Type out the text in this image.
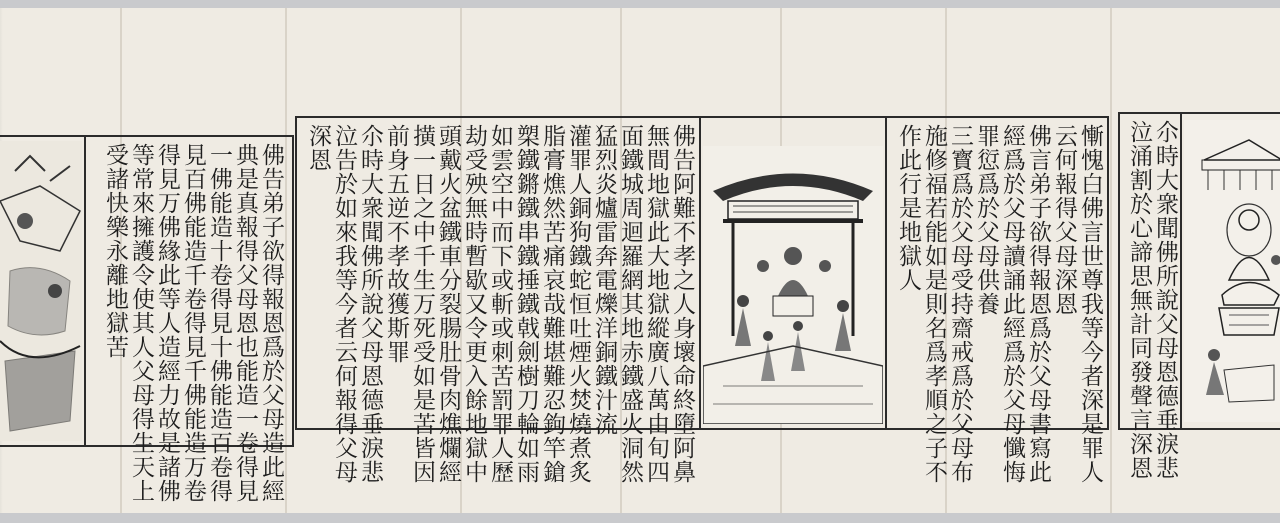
佛告弟子欲得報恩爲於父母造此經
典是真報得父母恩也能造一卷得見
一佛能造十卷得見十佛能造百卷得
見百佛能造千卷得見千佛能造万卷
得見万佛緣此等人造經力故是諸佛
等常來擁護令使其人父母得生天上
受諸快樂永離地獄苦	佛告阿難不孝之人身壞命終墮阿鼻
無間地獄此大地獄縱廣八萬由旬四
面鐵城周迴羅網其地赤鐵盛火洞然
猛烈炎爐雷奔電爍洋銅鐵汁流
灌罪人銅狗鐵蛇恒吐煙火焚燒煮炙
脂膏燋然苦痛哀哉難堪難忍鉤竿鎗
槊鐵鏘鐵串鐵捶鐵戟劍樹刀輪如雨
如雲空中而下或斬或刺苦罰罪人歷
劫受殃無時暫歇又令更入餘地獄中
頭戴火盆鐵車分裂腸肚骨肉燋爛經
撗一日之中千生万死受如是苦皆因
前身五逆不孝故獲斯罪
尒時大衆聞佛所說父母恩德垂淚悲
泣告於如來我等今者云何報得父母
深恩	慚愧白佛言世尊我等今者深是罪人
云何報得父母深恩
佛言弟子欲得報恩爲於父母書寫此
經爲於父母讀誦此經爲於父母懺悔
罪愆爲於父母供養
三寳爲於父母受持齋戒爲於父母布
施修福若能如是則名爲孝順之子不
作此行是地獄人	尒時大衆聞佛所說父母恩德垂淚悲
泣涌割於心諦思無計同發聲言深恩
